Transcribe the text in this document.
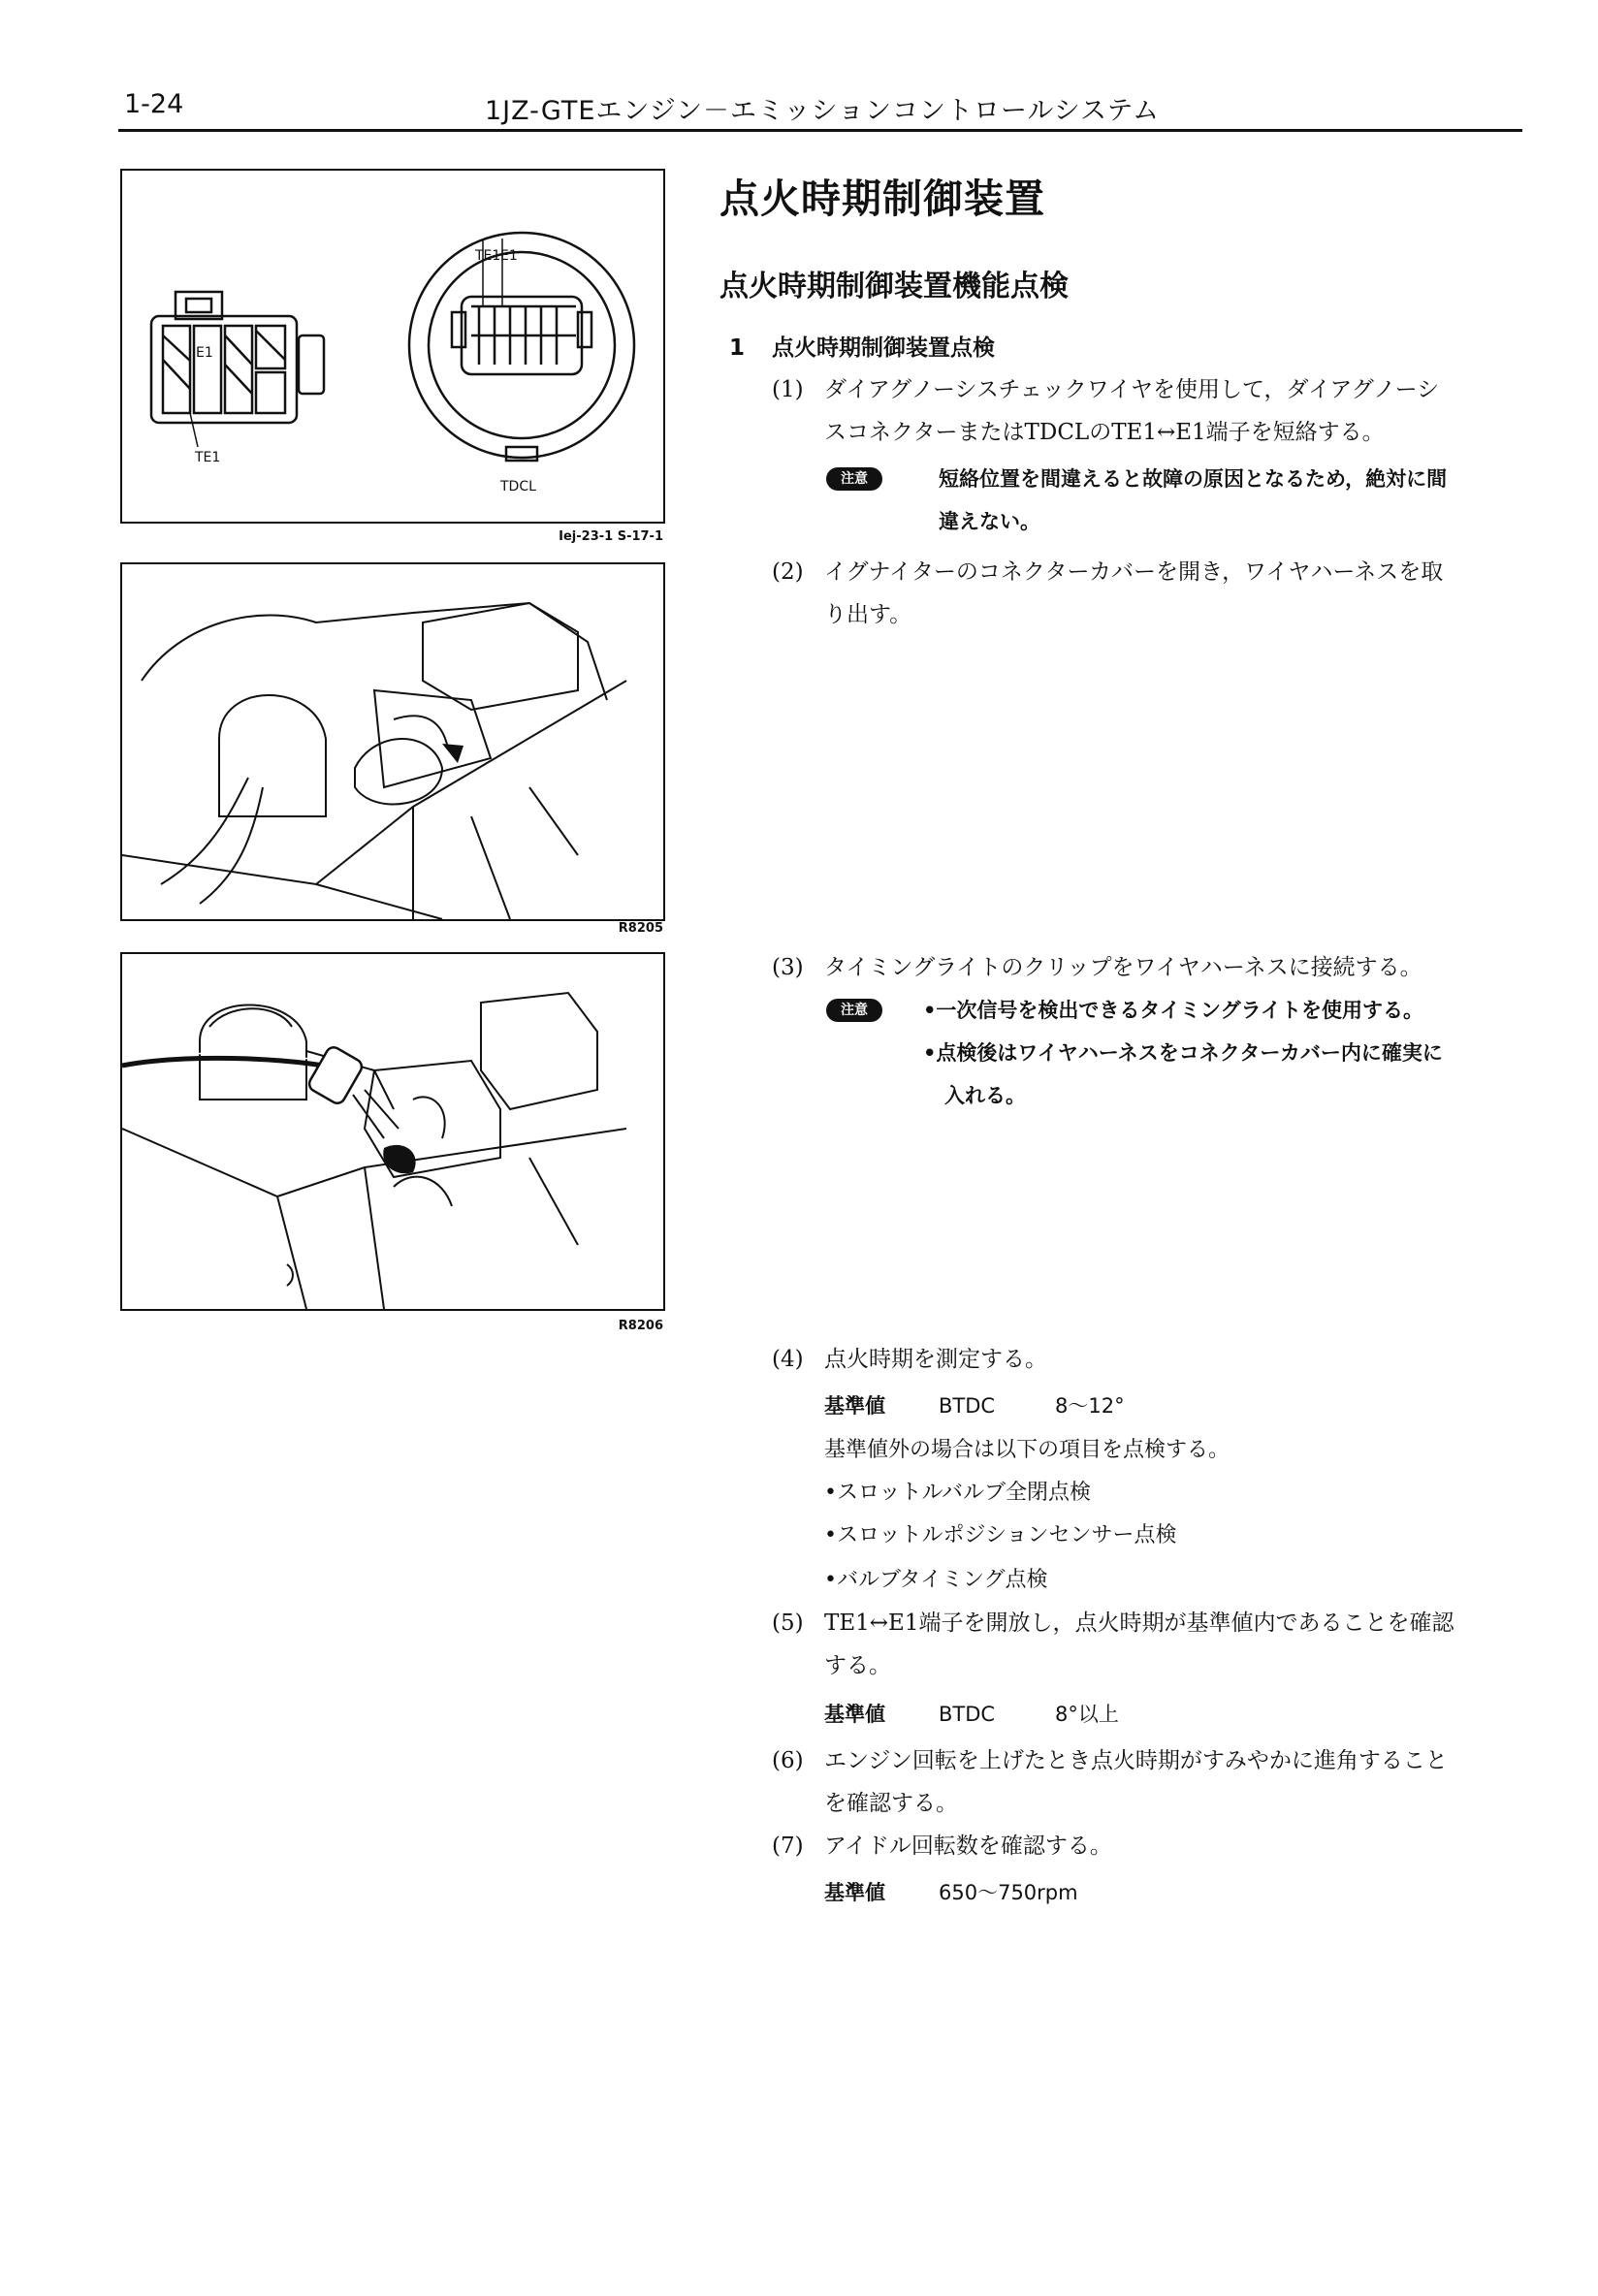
1-24	1JZ-GTEエンジン－エミッションコントロールシステム
TE1
E1
TE1 E1
TDCL
Iej-23-1 S-17-1
R8205
R8206
点火時期制御装置
点火時期制御装置機能点検
1 点火時期制御装置点検
(1) ダイアグノーシスチェックワイヤを使用して，ダイアグノーシ
スコネクターまたはTDCLのTE1↔E1端子を短絡する。
注意	短絡位置を間違えると故障の原因となるため，絶対に間
違えない。
(2) イグナイターのコネクターカバーを開き，ワイヤハーネスを取
り出す。
(3) タイミングライトのクリップをワイヤハーネスに接続する。
注意	•一次信号を検出できるタイミングライトを使用する。
•点検後はワイヤハーネスをコネクターカバー内に確実に
入れる。
(4) 点火時期を測定する。
基準値	BTDC	8～12°
基準値外の場合は以下の項目を点検する。
•スロットルバルブ全閉点検
•スロットルポジションセンサー点検
•バルブタイミング点検
(5) TE1↔E1端子を開放し，点火時期が基準値内であることを確認
する。
基準値	BTDC	8°以上
(6) エンジン回転を上げたとき点火時期がすみやかに進角すること
を確認する。
(7) アイドル回転数を確認する。
基準値	650～750rpm
